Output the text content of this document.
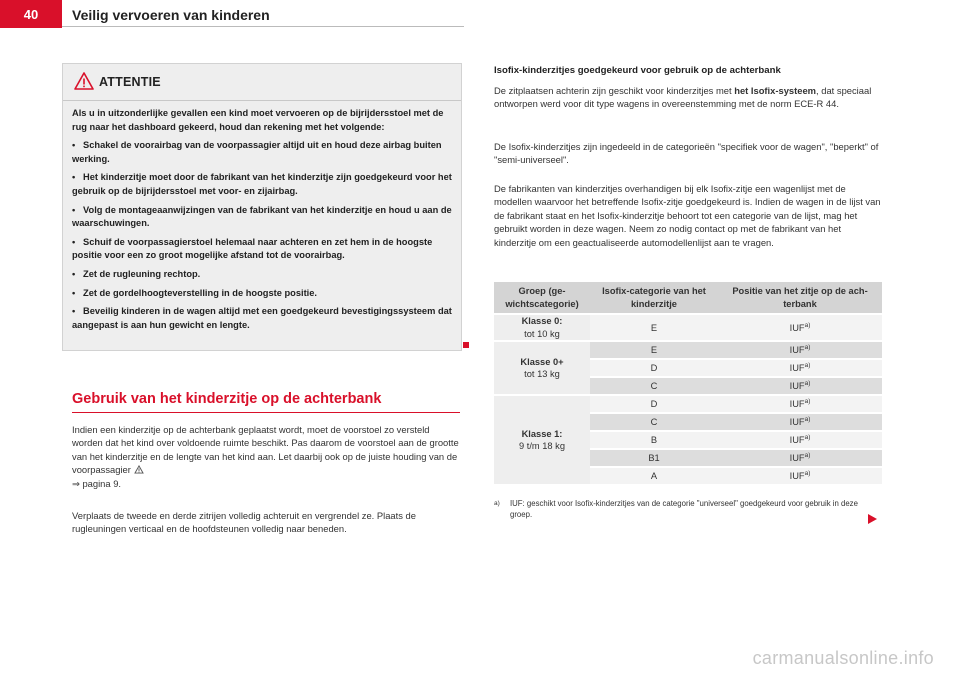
40	Veilig vervoeren van kinderen
ATTENTIE

Als u in uitzonderlijke gevallen een kind moet vervoeren op de bijrijdersstoel met de rug naar het dashboard gekeerd, houd dan rekening met het volgende:

•   Schakel de voorairbag van de voorpassagier altijd uit en houd deze airbag buiten werking.

•   Het kinderzitje moet door de fabrikant van het kinderzitje zijn goedgekeurd voor het gebruik op de bijrijdersstoel met voor- en zijairbag.

•   Volg de montageaanwijzingen van de fabrikant van het kinderzitje en houd u aan de waarschuwingen.

•   Schuif de voorpassagierstoel helemaal naar achteren en zet hem in de hoogste positie voor een zo groot mogelijke afstand tot de voorairbag.

•   Zet de rugleuning rechtop.

•   Zet de gordelhoogteverstelling in de hoogste positie.

•   Beveilig kinderen in de wagen altijd met een goedgekeurd bevestigingssysteem dat aangepast is aan hun gewicht en lengte.

Gebruik van het kinderzitje op de achterbank

Indien een kinderzitje op de achterbank geplaatst wordt, moet de voorstoel zo versteld worden dat het kind over voldoende ruimte beschikt. Pas daarom de voorstoel aan de grootte van het kinderzitje en de lengte van het kind aan. Let daarbij ook op de juiste houding van de voorpassagier
⇒ pagina 9.

Verplaats de tweede en derde zitrijen volledig achteruit en vergrendel ze. Plaats de rugleuningen verticaal en de hoofdsteunen volledig naar beneden.
Isofix-kinderzitjes goedgekeurd voor gebruik op de achterbank

De zitplaatsen achterin zijn geschikt voor kinderzitjes met het Isofix-systeem, dat speciaal ontworpen werd voor dit type wagens in overeenstemming met de norm ECE-R 44.

De Isofix-kinderzitjes zijn ingedeeld in de categorieën "specifiek voor de wagen", "beperkt" of "semi-universeel".
De fabrikanten van kinderzitjes overhandigen bij elk Isofix-zitje een wagenlijst met de modellen waarvoor het betreffende Isofix-zitje goedgekeurd is. Indien de wagen in de lijst van de fabrikant staat en het Isofix-kinderzitje behoort tot een categorie van de lijst, mag het gebruikt worden in deze wagen. Neem zo nodig contact op met de fabrikant van het kinderzitje om een geactualiseerde automodellenlijst aan te vragen.
Groep (gewichtscategorie)	Isofix-categorie van het kinderzitje	Positie van het zitje op de achterbank
Klasse 0:
tot 10 kg	E	IUF$^{a)}$
Klasse 0+
tot 13 kg	E	IUF$^{a)}$
	D	IUF$^{a)}$
	C	IUF$^{a)}$
Klasse 1:
9 t/m 18 kg	D	IUF$^{a)}$
	C	IUF$^{a)}$
	B	IUF$^{a)}$
	B1	IUF$^{a)}$
	A	IUF$^{a)}$
a) IUF: geschikt voor Isofix-kinderzitjes van de categorie "universeel" goedgekeurd voor gebruik in deze groep.
carmanualsonline.info
